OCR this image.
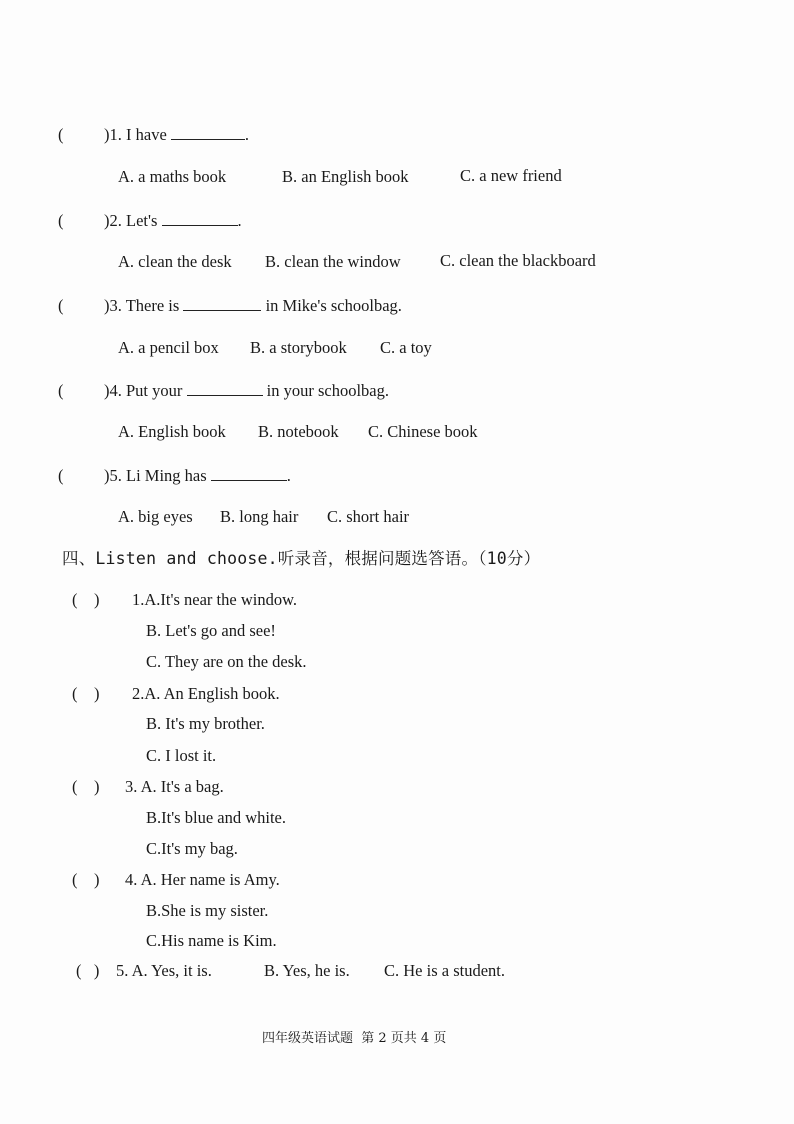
( )1. I have	.
A. a maths book	B. an English book	C. a new friend
( )2. Let's	.
A. clean the desk B. clean the window C. clean the blackboard
( )3. There is	in Mike's schoolbag.
A. a pencil box B. a storybook C. a toy
( )4. Put your	in your schoolbag.
A. English book B. notebook C. Chinese book
( )5. Li Ming has	.
A. big eyes B. long hair C. short hair
四、Listen and choose.听录音，根据问题选答语。（10分）
(    ) 1.A.It's near the window.
B. Let's go and see!
C. They are on the desk.
(    ) 2.A. An English book.
B. It's my brother.
C. I lost it.
(    ) 3. A. It's a bag.
B.It's blue and white.
C.It's my bag.
(    ) 4. A. Her name is Amy.
B.She is my sister.
C.His name is Kim.
(   ) 5. A. Yes, it is.	B. Yes, he is. C. He is a student.
四年级英语试题  第 2 页共 4 页
